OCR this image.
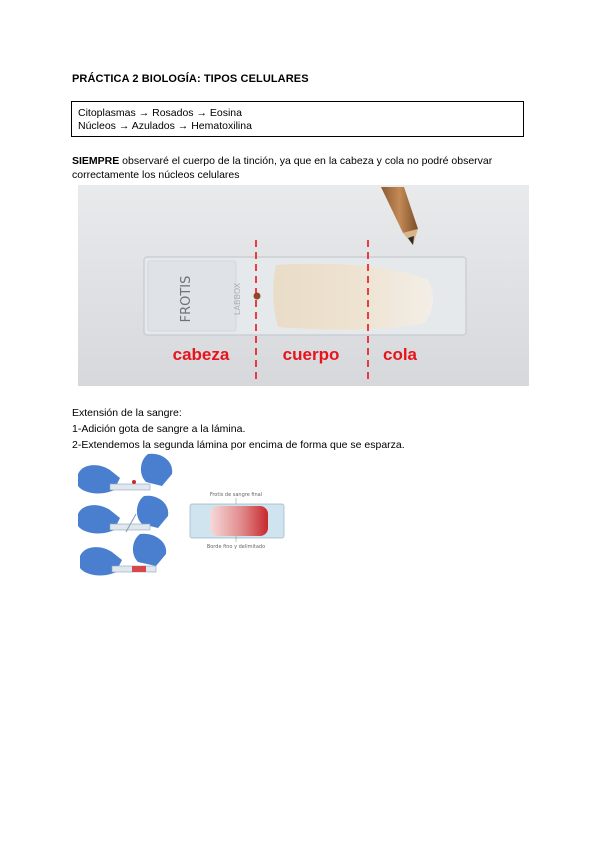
PRÁCTICA 2 BIOLOGÍA: TIPOS CELULARES
Citoplasmas → Rosados → Eosina
Núcleos → Azulados → Hematoxilina
SIEMPRE observaré el cuerpo de la tinción, ya que en la cabeza y cola no podré observar correctamente los núcleos celulares
FROTIS	LABBOX
cabeza	cuerpo	cola
Extensión de la sangre:
1-Adición gota de sangre a la lámina.
2-Extendemos la segunda lámina por encima de forma que se esparza.
Frotis de sangre final
Borde fino y delimitado
